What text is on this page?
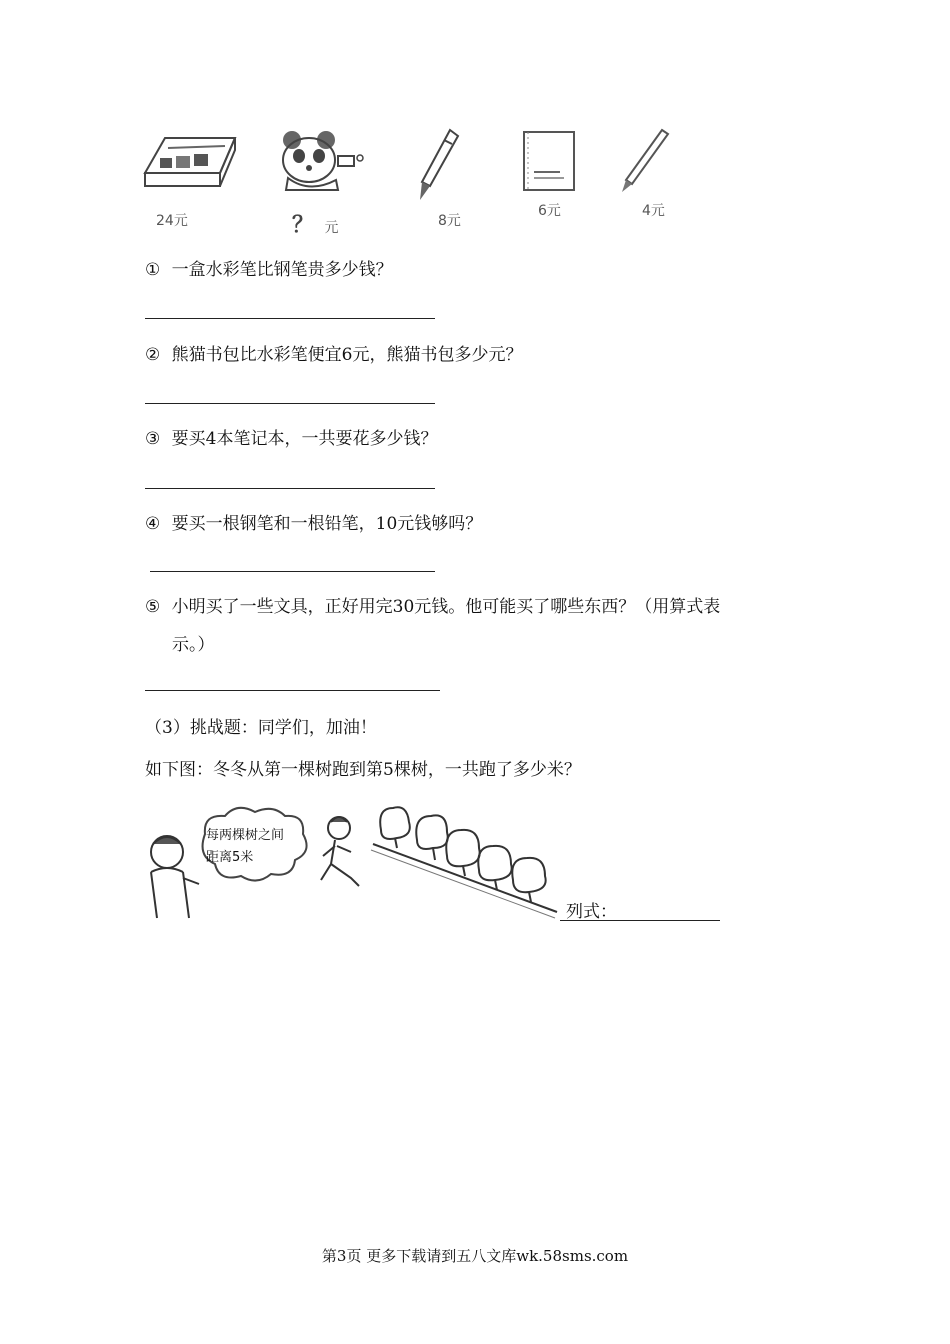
24元	？ 元	8元
6元	4元
① 一盒水彩笔比钢笔贵多少钱？
② 熊猫书包比水彩笔便宜6元，熊猫书包多少元？
③ 要买4本笔记本，一共要花多少钱？
④ 要买一根钢笔和一根铅笔，10元钱够吗？
⑤ 小明买了一些文具，正好用完30元钱。他可能买了哪些东西？（用算式表
示。）
（3）挑战题：同学们，加油！
如下图：冬冬从第一棵树跑到第5棵树，一共跑了多少米？
每两棵树之间
距离5米
列式：
第3页 更多下载请到五八文库wk.58sms.com
